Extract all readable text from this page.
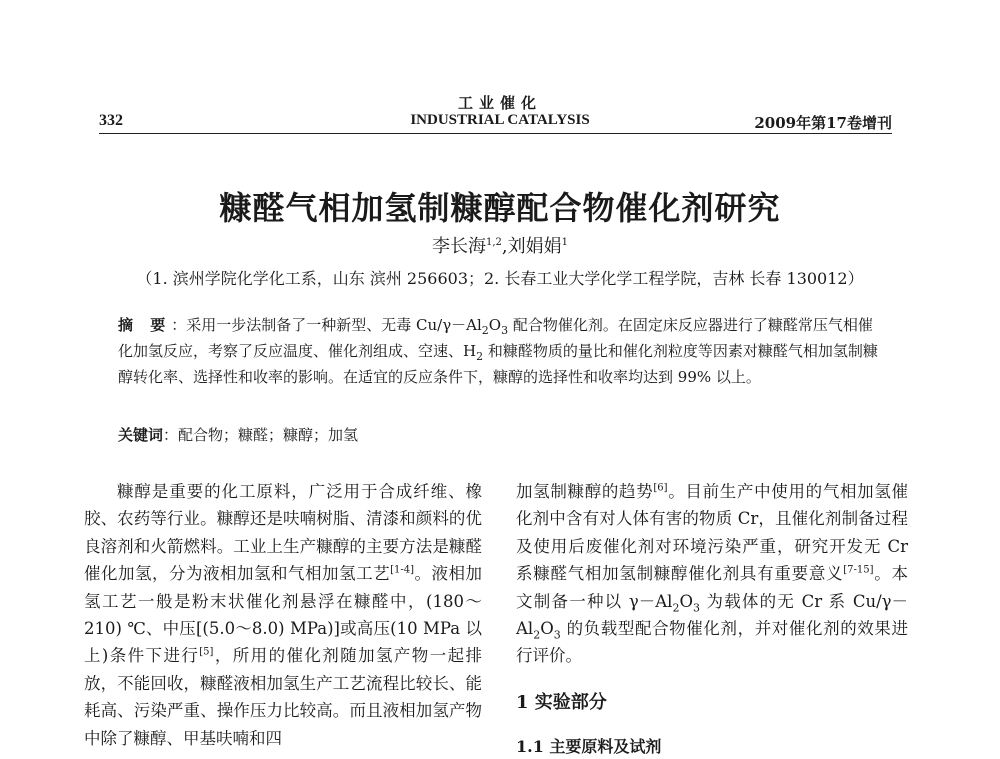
工业催化
INDUSTRIAL CATALYSIS
332	2009年第17卷增刊
糠醛气相加氢制糠醇配合物催化剂研究
李长海$^{1,2}$,刘娟娟$^1$
（1. 滨州学院化学化工系，山东 滨州 256603；2. 长春工业大学化学工程学院，吉林 长春 130012）
摘 要：采用一步法制备了一种新型、无毒 $Cu/\gamma-Al_2O_3$ 配合物催化剂。在固定床反应器进行了糠醛常压气相催化加氢反应，考察了反应温度、催化剂组成、空速、$H_2$ 和糠醛物质的量比和催化剂粒度等因素对糠醛气相加氢制糠醇转化率、选择性和收率的影响。在适宜的反应条件下，糠醇的选择性和收率均达到 99% 以上。
关键词：配合物；糠醛；糠醇；加氢

糠醇是重要的化工原料，广泛用于合成纤维、橡胶、农药等行业。糠醇还是呋喃树脂、清漆和颜料的优良溶剂和火箭燃料。工业上生产糠醇的主要方法是糠醛催化加氢，分为液相加氢和气相加氢工艺[1-4]。液相加氢工艺一般是粉末状催化剂悬浮在糠醛中，(180～210) ℃、中压[(5.0～8.0) MPa)]或高压(10 MPa 以上)条件下进行[5]，所用的催化剂随加氢产物一起排放，不能回收，糠醛液相加氢生产工艺流程比较长、能耗高、污染严重、操作压力比较高。而且液相加氢产物中除了糠醇、甲基呋喃和四

加氢制糠醇的趋势[6]。目前生产中使用的气相加氢催化剂中含有对人体有害的物质 Cr，且催化剂制备过程及使用后废催化剂对环境污染严重，研究开发无 Cr 系糠醛气相加氢制糠醇催化剂具有重要意义[7-15]。本文制备一种以 $\gamma-Al_2O_3$ 为载体的无 Cr 系 $Cu/\gamma-Al_2O_3$ 的负载型配合物催化剂，并对催化剂的效果进行评价。

1 实验部分
1.1 主要原料及试剂
